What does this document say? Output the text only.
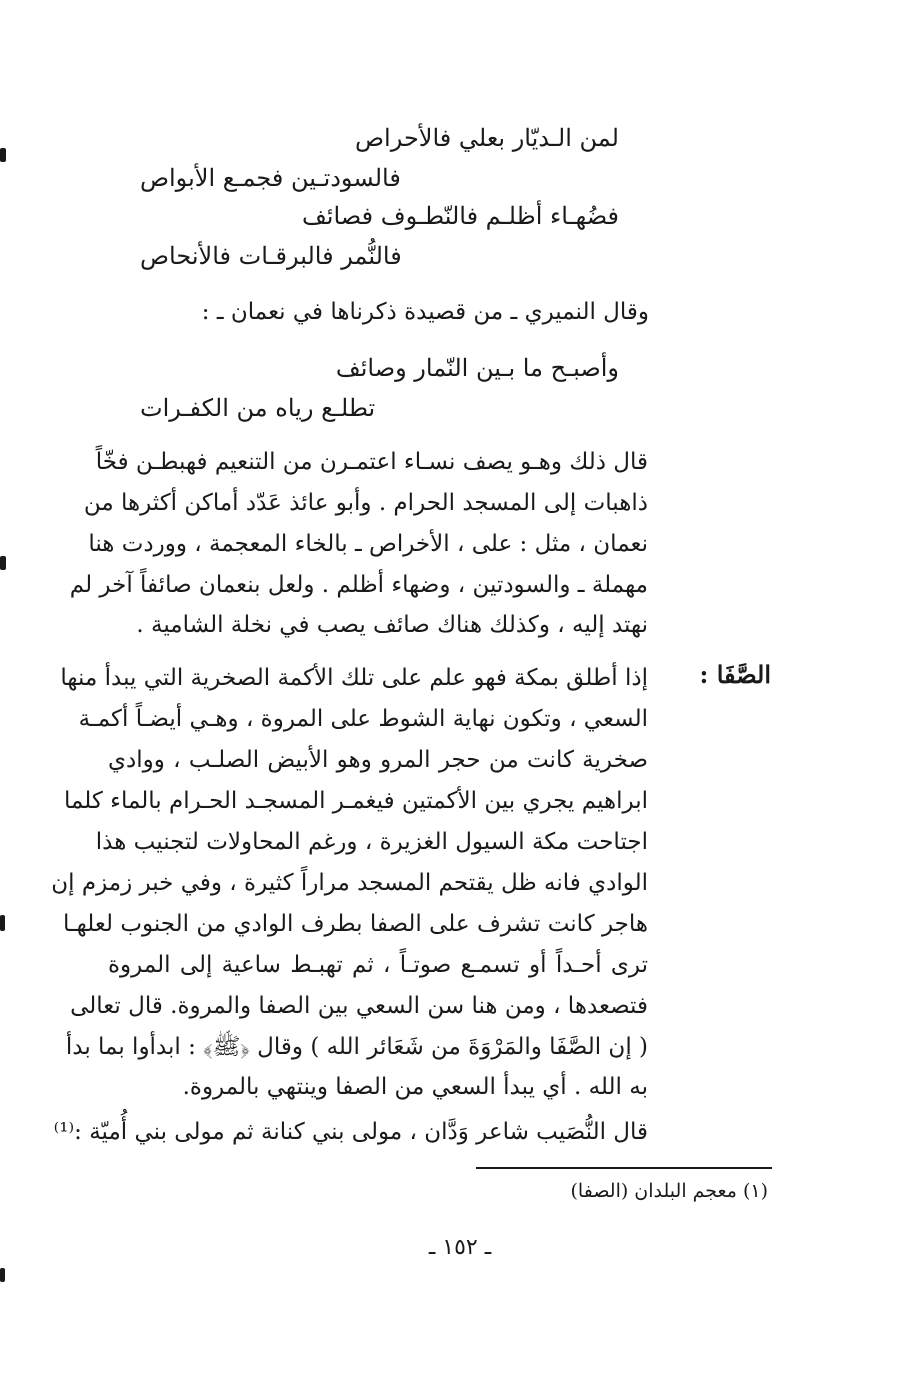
لمن الـديّار بعلي فالأحراص
فالسودتـين فجمـع الأبواص
فضُهـاء أظلـم فالنّطـوف فصائف
فالنُّمر فالبرقـات فالأنحاص
وقال النميري ـ من قصيدة ذكرناها في نعمان ـ :
وأصبـح ما بـين النّمار وصائف
تطلـع رياه من الكفـرات
قال ذلك وهـو يصف نسـاء اعتمـرن من التنعيم فهبطـن فخّاً
ذاهبات إلى المسجد الحرام . وأبو عائذ عَدّد أماكن أكثرها من
نعمان ، مثل : على ، الأخراص ـ بالخاء المعجمة ، ووردت هنا
مهملة ـ والسودتين ، وضهاء أظلم . ولعل بنعمان صائفاً آخر لم
نهتد إليه ، وكذلك هناك صائف يصب في نخلة الشامية .
الصَّفَا :
إذا أطلق بمكة فهو علم على تلك الأكمة الصخرية التي يبدأ منها
السعي ، وتكون نهاية الشوط على المروة ، وهـي أيضـاً أكمـة
صخرية كانت من حجر المرو وهو الأبيض الصلـب ، ووادي
ابراهيم يجري بين الأكمتين فيغمـر المسجـد الحـرام بالماء كلما
اجتاحت مكة السيول الغزيرة ، ورغم المحاولات لتجنيب هذا
الوادي فانه ظل يقتحم المسجد مراراً كثيرة ، وفي خبر زمزم إن
هاجر كانت تشرف على الصفا بطرف الوادي من الجنوب لعلهـا
ترى أحـداً أو تسمـع صوتـاً ، ثم تهبـط ساعية إلى المروة
فتصعدها ، ومن هنا سن السعي بين الصفا والمروة. قال تعالى
( إن الصَّفَا والمَرْوَةَ من شَعَائر الله ) وقال ﴿ﷺ﴾ : ابدأوا بما بدأ
به الله . أي يبدأ السعي من الصفا وينتهي بالمروة.
قال النُّصَيب شاعر وَدَّان ، مولى بني كنانة ثم مولى بني أُميّة :⁽¹⁾
(١) معجم البلدان (الصفا)
ـ ١٥٢ ـ
